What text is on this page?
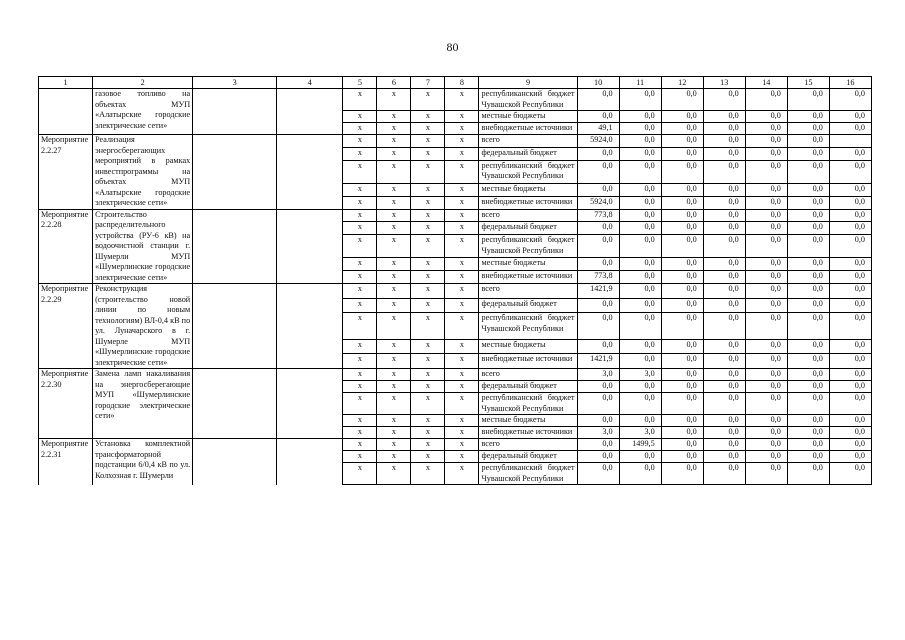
80
1	2	3	4	5	6	7	8	9	10	11	12	13	14	15	16
	газовое топливо на объектах МУП «Алатырские городские электрические сети»			х	х	х	х	республиканский бюджет Чувашской Республики	0,0	0,0	0,0	0,0	0,0	0,0	0,0
				х	х	х	х	местные бюджеты	0,0	0,0	0,0	0,0	0,0	0,0	0,0
				х	х	х	х	внебюджетные источники	49,1	0,0	0,0	0,0	0,0	0,0	0,0
Мероприятие 2.2.27	Реализация энергосберегающих мероприятий в рамках инвестпрограммы на объектах МУП «Алатырские городские электрические сети»			х	х	х	х	всего	5924,0	0,0	0,0	0,0	0,0	0,0	
				х	х	х	х	федеральный бюджет	0,0	0,0	0,0	0,0	0,0	0,0	0,0
				х	х	х	х	республиканский бюджет Чувашской Республики	0,0	0,0	0,0	0,0	0,0	0,0	0,0
				х	х	х	х	местные бюджеты	0,0	0,0	0,0	0,0	0,0	0,0	0,0
				х	х	х	х	внебюджетные источники	5924,0	0,0	0,0	0,0	0,0	0,0	0,0
Мероприятие 2.2.28	Строительство распределительного устройства (РУ-6 кВ) на водоочистной станции г. Шумерли МУП «Шумерлинские городские электрические сети»			х	х	х	х	всего	773,8	0,0	0,0	0,0	0,0	0,0	0,0
				х	х	х	х	федеральный бюджет	0,0	0,0	0,0	0,0	0,0	0,0	0,0
				х	х	х	х	республиканский бюджет Чувашской Республики	0,0	0,0	0,0	0,0	0,0	0,0	0,0
				х	х	х	х	местные бюджеты	0,0	0,0	0,0	0,0	0,0	0,0	0,0
				х	х	х	х	внебюджетные источники	773,8	0,0	0,0	0,0	0,0	0,0	0,0
Мероприятие 2.2.29	Реконструкция (строительство новой линии по новым технологиям) ВЛ-0,4 кВ по ул. Луначарского в г. Шумерле МУП «Шумерлинские городские электрические сети»			х	х	х	х	всего	1421,9	0,0	0,0	0,0	0,0	0,0	0,0
				х	х	х	х	федеральный бюджет	0,0	0,0	0,0	0,0	0,0	0,0	0,0
				х	х	х	х	республиканский бюджет Чувашской Республики	0,0	0,0	0,0	0,0	0,0	0,0	0,0
				х	х	х	х	местные бюджеты	0,0	0,0	0,0	0,0	0,0	0,0	0,0
				х	х	х	х	внебюджетные источники	1421,9	0,0	0,0	0,0	0,0	0,0	0,0
Мероприятие 2.2.30	Замена ламп накаливания на энергосберегающие МУП «Шумерлинские городские электрические сети»			х	х	х	х	всего	3,0	3,0	0,0	0,0	0,0	0,0	0,0
				х	х	х	х	федеральный бюджет	0,0	0,0	0,0	0,0	0,0	0,0	0,0
				х	х	х	х	республиканский бюджет Чувашской Республики	0,0	0,0	0,0	0,0	0,0	0,0	0,0
				х	х	х	х	местные бюджеты	0,0	0,0	0,0	0,0	0,0	0,0	0,0
				х	х	х	х	внебюджетные источники	3,0	3,0	0,0	0,0	0,0	0,0	0,0
Мероприятие 2.2.31	Установка комплектной трансформаторной подстанции 6/0,4 кВ по ул. Колхозная г. Шумерли			х	х	х	х	всего	0,0	1499,5	0,0	0,0	0,0	0,0	0,0
				х	х	х	х	федеральный бюджет	0,0	0,0	0,0	0,0	0,0	0,0	0,0
				х	х	х	х	республиканский бюджет Чувашской Республики	0,0	0,0	0,0	0,0	0,0	0,0	0,0
